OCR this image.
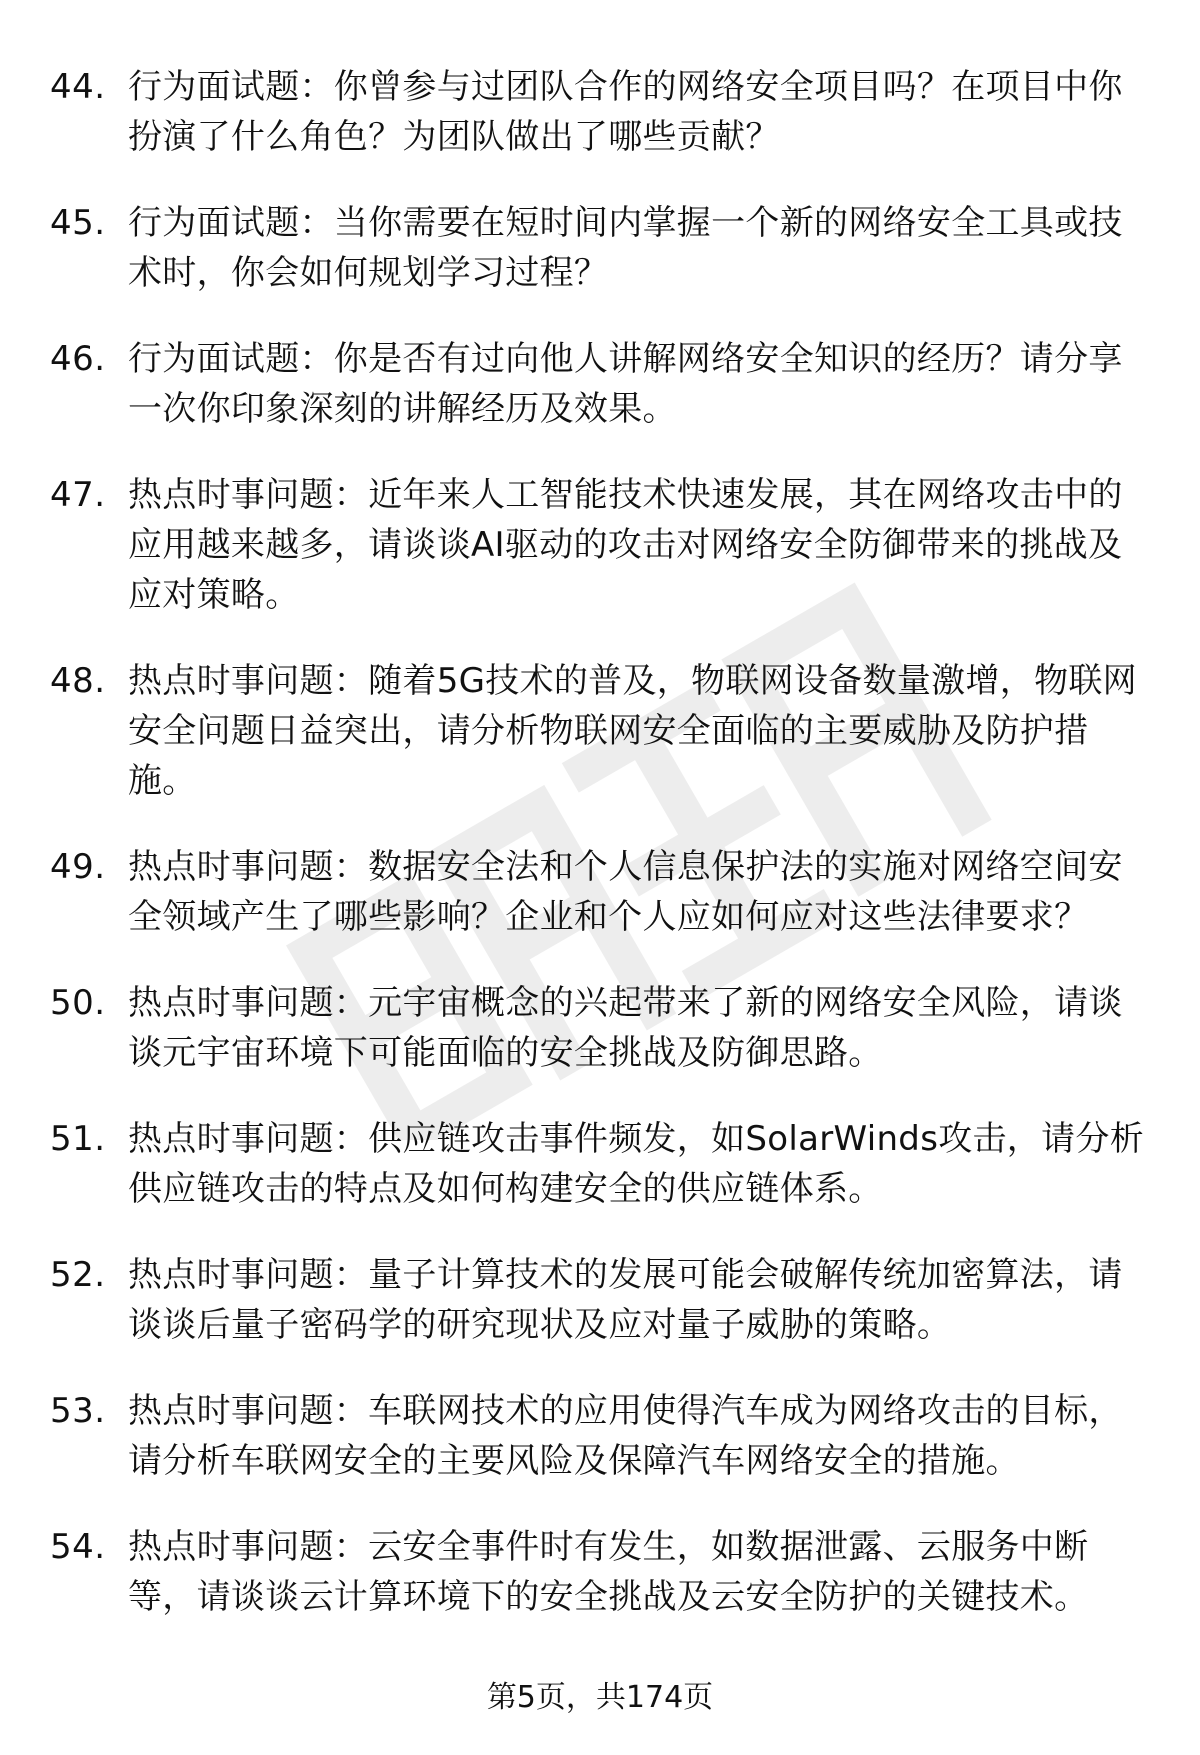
44. 行为面试题：你曾参与过团队合作的网络安全项目吗？在项目中你扮演了什么角色？为团队做出了哪些贡献？
45. 行为面试题：当你需要在短时间内掌握一个新的网络安全工具或技术时，你会如何规划学习过程？
46. 行为面试题：你是否有过向他人讲解网络安全知识的经历？请分享一次你印象深刻的讲解经历及效果。
47. 热点时事问题：近年来人工智能技术快速发展，其在网络攻击中的应用越来越多，请谈谈AI驱动的攻击对网络安全防御带来的挑战及应对策略。
48. 热点时事问题：随着5G技术的普及，物联网设备数量激增，物联网安全问题日益突出，请分析物联网安全面临的主要威胁及防护措施。
49. 热点时事问题：数据安全法和个人信息保护法的实施对网络空间安全领域产生了哪些影响？企业和个人应如何应对这些法律要求？
50. 热点时事问题：元宇宙概念的兴起带来了新的网络安全风险，请谈谈元宇宙环境下可能面临的安全挑战及防御思路。
51. 热点时事问题：供应链攻击事件频发，如SolarWinds攻击，请分析供应链攻击的特点及如何构建安全的供应链体系。
52. 热点时事问题：量子计算技术的发展可能会破解传统加密算法，请谈谈后量子密码学的研究现状及应对量子威胁的策略。
53. 热点时事问题：车联网技术的应用使得汽车成为网络攻击的目标，请分析车联网安全的主要风险及保障汽车网络安全的措施。
54. 热点时事问题：云安全事件时有发生，如数据泄露、云服务中断等，请谈谈云计算环境下的安全挑战及云安全防护的关键技术。
第5页，共174页
